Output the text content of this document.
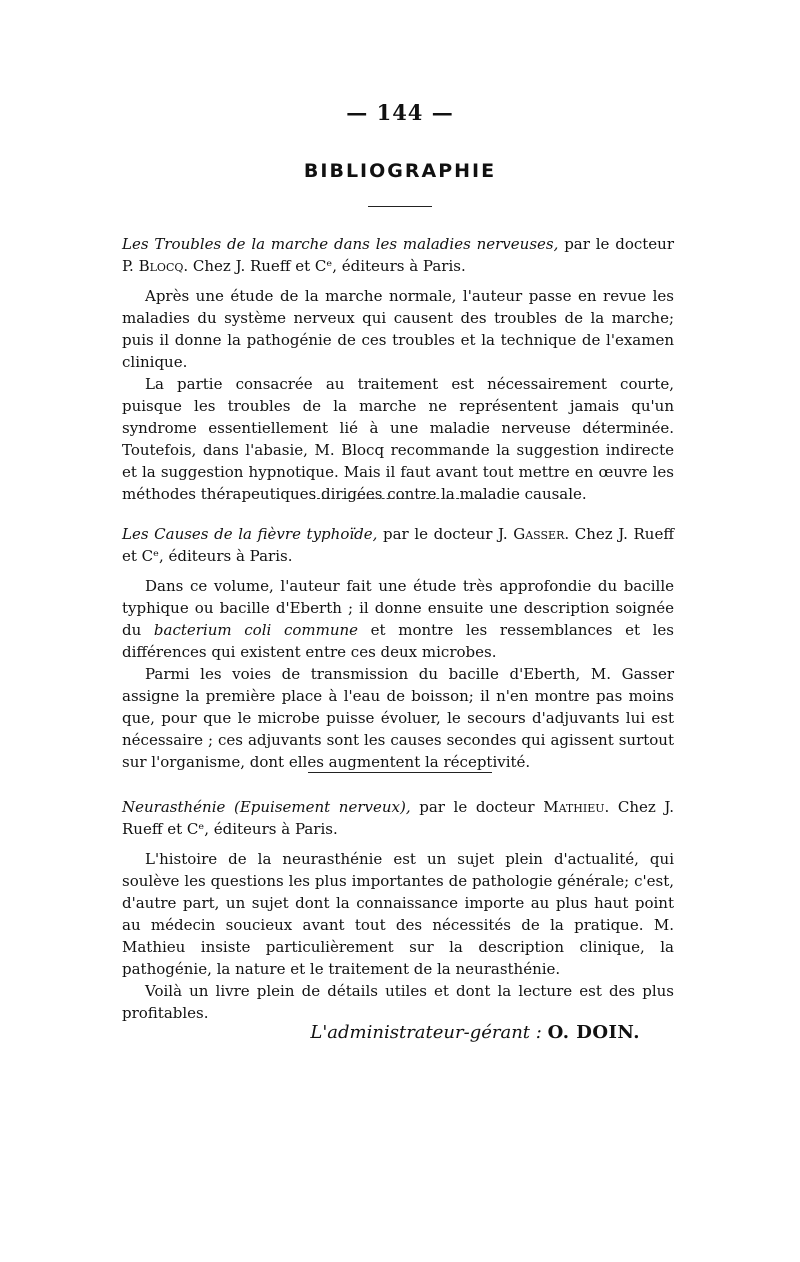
— 144 —
BIBLIOGRAPHIE

Les Troubles de la marche dans les maladies nerveuses, par le docteur P. Blocq. Chez J. Rueff et Cᵉ, éditeurs à Paris.

Après une étude de la marche normale, l'auteur passe en revue les maladies du système nerveux qui causent des troubles de la marche; puis il donne la pathogénie de ces troubles et la technique de l'examen clinique.

La partie consacrée au traitement est nécessairement courte, puisque les troubles de la marche ne représentent jamais qu'un syndrome essentiellement lié à une maladie nerveuse déterminée. Toutefois, dans l'abasie, M. Blocq recommande la suggestion indirecte et la suggestion hypnotique. Mais il faut avant tout mettre en œuvre les méthodes thérapeutiques dirigées contre la maladie causale.

Les Causes de la fièvre typhoïde, par le docteur J. Gasser. Chez J. Rueff et Cᵉ, éditeurs à Paris.

Dans ce volume, l'auteur fait une étude très approfondie du bacille typhique ou bacille d'Eberth ; il donne ensuite une description soignée du bacterium coli commune et montre les ressemblances et les différences qui existent entre ces deux microbes.

Parmi les voies de transmission du bacille d'Eberth, M. Gasser assigne la première place à l'eau de boisson; il n'en montre pas moins que, pour que le microbe puisse évoluer, le secours d'adjuvants lui est nécessaire ; ces adjuvants sont les causes secondes qui agissent surtout sur l'organisme, dont elles augmentent la réceptivité.

Neurasthénie (Epuisement nerveux), par le docteur Mathieu. Chez J. Rueff et Cᵉ, éditeurs à Paris.

L'histoire de la neurasthénie est un sujet plein d'actualité, qui soulève les questions les plus importantes de pathologie générale; c'est, d'autre part, un sujet dont la connaissance importe au plus haut point au médecin soucieux avant tout des nécessités de la pratique. M. Mathieu insiste particulièrement sur la description clinique, la pathogénie, la nature et le traitement de la neurasthénie.

Voilà un livre plein de détails utiles et dont la lecture est des plus profitables.

L'administrateur-gérant : O. DOIN.
